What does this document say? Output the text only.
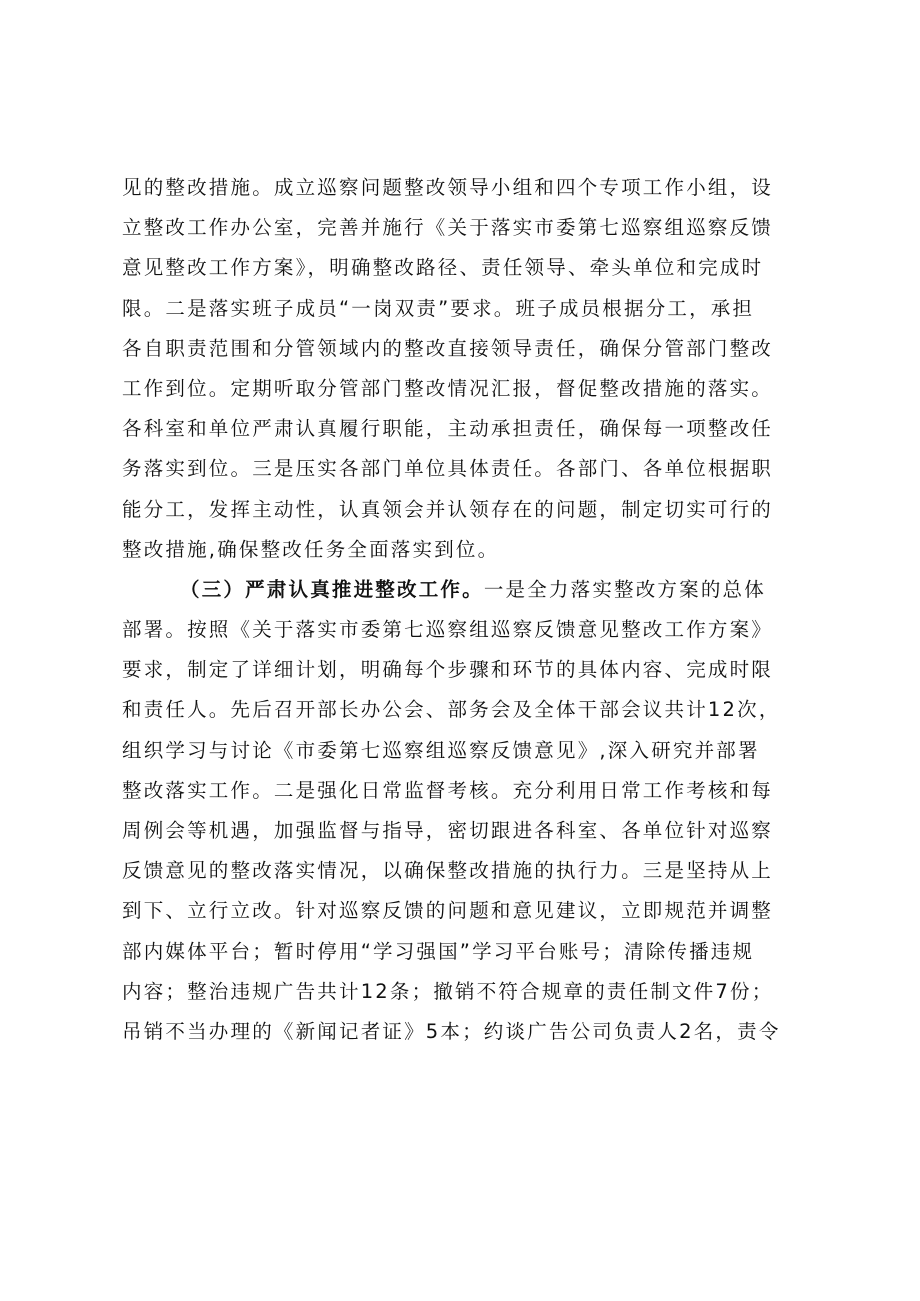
见的整改措施。成立巡察问题整改领导小组和四个专项工作小组，设
立整改工作办公室，完善并施行《关于落实市委第七巡察组巡察反馈
意见整改工作方案》，明确整改路径、责任领导、牵头单位和完成时
限。二是落实班子成员“一岗双责”要求。班子成员根据分工，承担
各自职责范围和分管领域内的整改直接领导责任，确保分管部门整改
工作到位。定期听取分管部门整改情况汇报，督促整改措施的落实。
各科室和单位严肃认真履行职能，主动承担责任，确保每一项整改任
务落实到位。三是压实各部门单位具体责任。各部门、各单位根据职
能分工，发挥主动性，认真领会并认领存在的问题，制定切实可行的
整改措施,确保整改任务全面落实到位。
（三）严肃认真推进整改工作。一是全力落实整改方案的总体
部署。按照《关于落实市委第七巡察组巡察反馈意见整改工作方案》
要求，制定了详细计划，明确每个步骤和环节的具体内容、完成时限
和责任人。先后召开部长办公会、部务会及全体干部会议共计12次，
组织学习与讨论《市委第七巡察组巡察反馈意见》,深入研究并部署
整改落实工作。二是强化日常监督考核。充分利用日常工作考核和每
周例会等机遇，加强监督与指导，密切跟进各科室、各单位针对巡察
反馈意见的整改落实情况，以确保整改措施的执行力。三是坚持从上
到下、立行立改。针对巡察反馈的问题和意见建议，立即规范并调整
部内媒体平台；暂时停用“学习强国”学习平台账号；清除传播违规
内容；整治违规广告共计12条；撤销不符合规章的责任制文件7份；
吊销不当办理的《新闻记者证》5本；约谈广告公司负责人2名，责令
